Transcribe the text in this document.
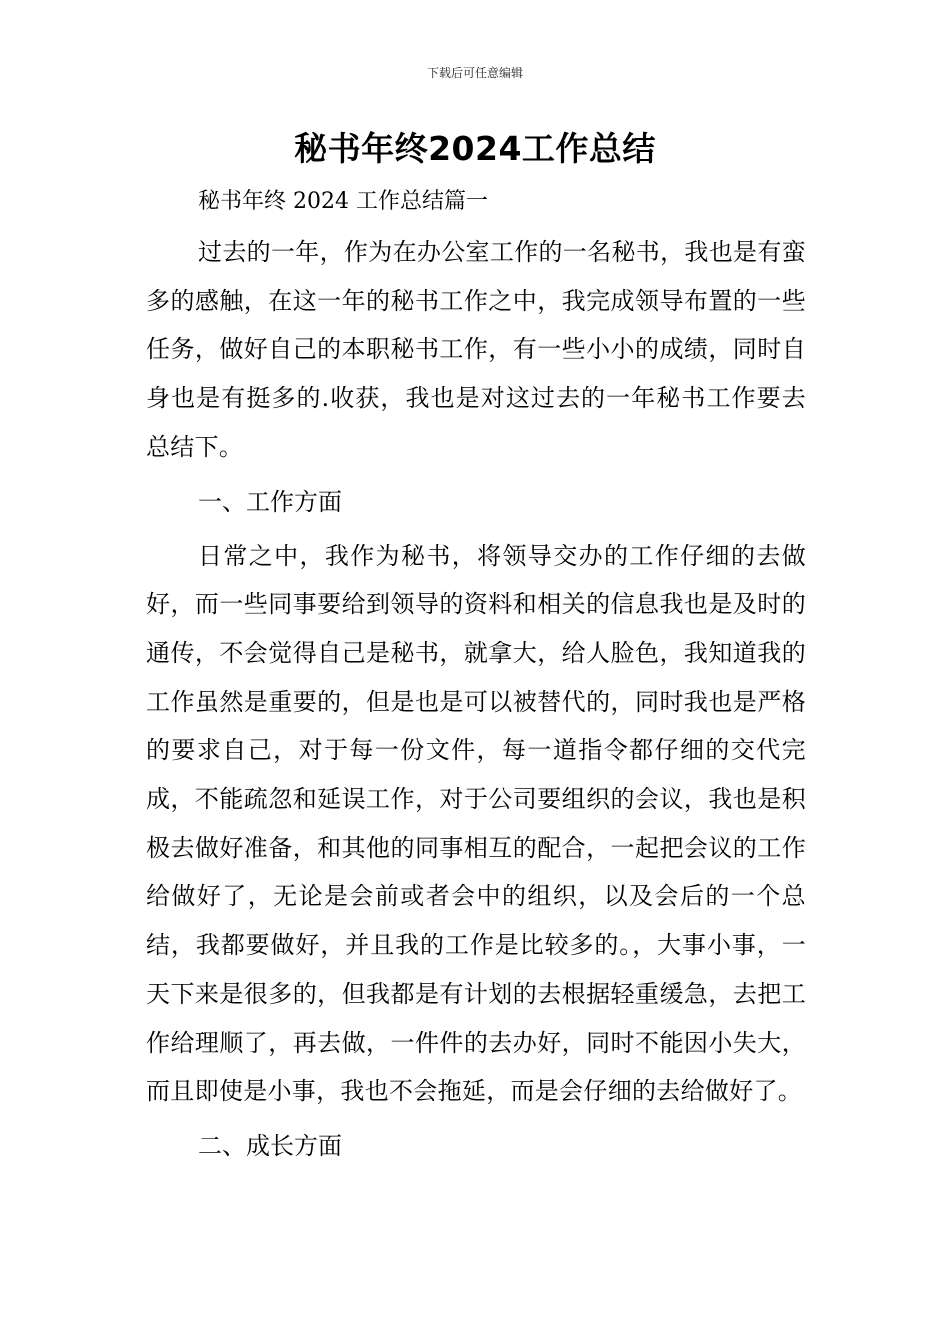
下载后可任意编辑
秘书年终2024工作总结

秘书年终 2024 工作总结篇一

过去的一年，作为在办公室工作的一名秘书，我也是有蛮多的感触，在这一年的秘书工作之中，我完成领导布置的一些任务，做好自己的本职秘书工作，有一些小小的成绩，同时自身也是有挺多的.收获，我也是对这过去的一年秘书工作要去总结下。

一、工作方面

日常之中，我作为秘书，将领导交办的工作仔细的去做好，而一些同事要给到领导的资料和相关的信息我也是及时的通传，不会觉得自己是秘书，就拿大，给人脸色，我知道我的工作虽然是重要的，但是也是可以被替代的，同时我也是严格的要求自己，对于每一份文件，每一道指令都仔细的交代完成，不能疏忽和延误工作，对于公司要组织的会议，我也是积极去做好准备，和其他的同事相互的配合，一起把会议的工作给做好了，无论是会前或者会中的组织，以及会后的一个总结，我都要做好，并且我的工作是比较多的。，大事小事，一天下来是很多的，但我都是有计划的去根据轻重缓急，去把工作给理顺了，再去做，一件件的去办好，同时不能因小失大，而且即使是小事，我也不会拖延，而是会仔细的去给做好了。

二、成长方面
